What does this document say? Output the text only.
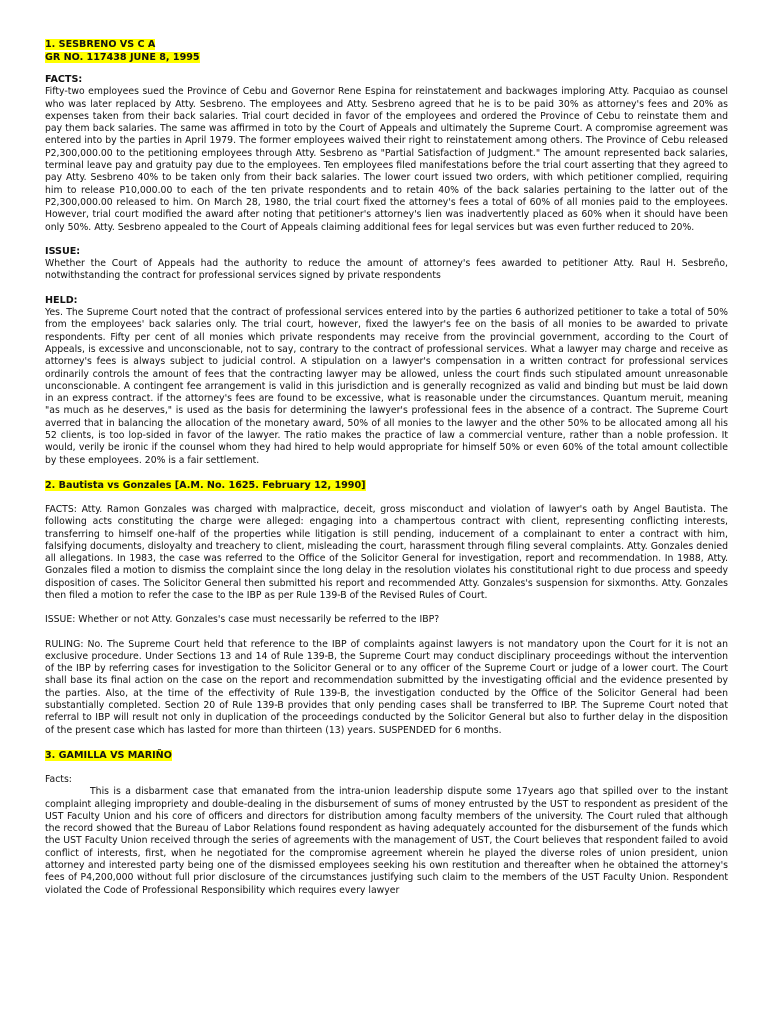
1. SESBRENO VS C A

GR NO. 117438 JUNE 8, 1995

FACTS:

Fifty-two employees sued the Province of Cebu and Governor Rene Espina for reinstatement and backwages imploring Atty. Pacquiao as counsel who was later replaced by Atty. Sesbreno. The employees and Atty. Sesbreno agreed that he is to be paid 30% as attorney's fees and 20% as expenses taken from their back salaries. Trial court decided in favor of the employees and ordered the Province of Cebu to reinstate them and pay them back salaries. The same was affirmed in toto by the Court of Appeals and ultimately the Supreme Court. A compromise agreement was entered into by the parties in April 1979. The former employees waived their right to reinstatement among others. The Province of Cebu released P2,300,000.00 to the petitioning employees through Atty. Sesbreno as "Partial Satisfaction of Judgment." The amount represented back salaries, terminal leave pay and gratuity pay due to the employees. Ten employees filed manifestations before the trial court asserting that they agreed to pay Atty. Sesbreno 40% to be taken only from their back salaries. The lower court issued two orders, with which petitioner complied, requiring him to release P10,000.00 to each of the ten private respondents and to retain 40% of the back salaries pertaining to the latter out of the P2,300,000.00 released to him. On March 28, 1980, the trial court fixed the attorney's fees a total of 60% of all monies paid to the employees. However, trial court modified the award after noting that petitioner's attorney's lien was inadvertently placed as 60% when it should have been only 50%. Atty. Sesbreno appealed to the Court of Appeals claiming additional fees for legal services but was even further reduced to 20%.

ISSUE:

Whether the Court of Appeals had the authority to reduce the amount of attorney's fees awarded to petitioner Atty. Raul H. Sesbreño, notwithstanding the contract for professional services signed by private respondents

HELD:

Yes. The Supreme Court noted that the contract of professional services entered into by the parties 6 authorized petitioner to take a total of 50% from the employees' back salaries only. The trial court, however, fixed the lawyer's fee on the basis of all monies to be awarded to private respondents. Fifty per cent of all monies which private respondents may receive from the provincial government, according to the Court of Appeals, is excessive and unconscionable, not to say, contrary to the contract of professional services. What a lawyer may charge and receive as attorney's fees is always subject to judicial control. A stipulation on a lawyer's compensation in a written contract for professional services ordinarily controls the amount of fees that the contracting lawyer may be allowed, unless the court finds such stipulated amount unreasonable unconscionable. A contingent fee arrangement is valid in this jurisdiction and is generally recognized as valid and binding but must be laid down in an express contract. if the attorney's fees are found to be excessive, what is reasonable under the circumstances. Quantum meruit, meaning "as much as he deserves," is used as the basis for determining the lawyer's professional fees in the absence of a contract. The Supreme Court averred that in balancing the allocation of the monetary award, 50% of all monies to the lawyer and the other 50% to be allocated among all his 52 clients, is too lop-sided in favor of the lawyer. The ratio makes the practice of law a commercial venture, rather than a noble profession. It would, verily be ironic if the counsel whom they had hired to help would appropriate for himself 50% or even 60% of the total amount collectible by these employees. 20% is a fair settlement.

2. Bautista vs Gonzales [A.M. No. 1625. February 12, 1990]

FACTS: Atty. Ramon Gonzales was charged with malpractice, deceit, gross misconduct and violation of lawyer's oath by Angel Bautista. The following acts constituting the charge were alleged: engaging into a champertous contract with client, representing conflicting interests, transferring to himself one-half of the properties while litigation is still pending, inducement of a complainant to enter a contract with him, falsifying documents, disloyalty and treachery to client, misleading the court, harassment through filing several complaints. Atty. Gonzales denied all allegations. In 1983, the case was referred to the Office of the Solicitor General for investigation, report and recommendation. In 1988, Atty. Gonzales filed a motion to dismiss the complaint since the long delay in the resolution violates his constitutional right to due process and speedy disposition of cases. The Solicitor General then submitted his report and recommended Atty. Gonzales's suspension for sixmonths. Atty. Gonzales then filed a motion to refer the case to the IBP as per Rule 139-B of the Revised Rules of Court.

ISSUE: Whether or not Atty. Gonzales's case must necessarily be referred to the IBP?

RULING: No. The Supreme Court held that reference to the IBP of complaints against lawyers is not mandatory upon the Court for it is not an exclusive procedure. Under Sections 13 and 14 of Rule 139-B, the Supreme Court may conduct disciplinary proceedings without the intervention of the IBP by referring cases for investigation to the Solicitor General or to any officer of the Supreme Court or judge of a lower court. The Court shall base its final action on the case on the report and recommendation submitted by the investigating official and the evidence presented by the parties. Also, at the time of the effectivity of Rule 139-B, the investigation conducted by the Office of the Solicitor General had been substantially completed. Section 20 of Rule 139-B provides that only pending cases shall be transferred to IBP. The Supreme Court noted that referral to IBP will result not only in duplication of the proceedings conducted by the Solicitor General but also to further delay in the disposition of the present case which has lasted for more than thirteen (13) years. SUSPENDED for 6 months.

3. GAMILLA VS MARIÑO

Facts:

This is a disbarment case that emanated from the intra-union leadership dispute some 17years ago that spilled over to the instant complaint alleging impropriety and double-dealing in the disbursement of sums of money entrusted by the UST to respondent as president of the UST Faculty Union and his core of officers and directors for distribution among faculty members of the university. The Court ruled that although the record showed that the Bureau of Labor Relations found respondent as having adequately accounted for the disbursement of the funds which the UST Faculty Union received through the series of agreements with the management of UST, the Court believes that respondent failed to avoid conflict of interests, first, when he negotiated for the compromise agreement wherein he played the diverse roles of union president, union attorney and interested party being one of the dismissed employees seeking his own restitution and thereafter when he obtained the attorney's fees of P4,200,000 without full prior disclosure of the circumstances justifying such claim to the members of the UST Faculty Union. Respondent violated the Code of Professional Responsibility which requires every lawyer
